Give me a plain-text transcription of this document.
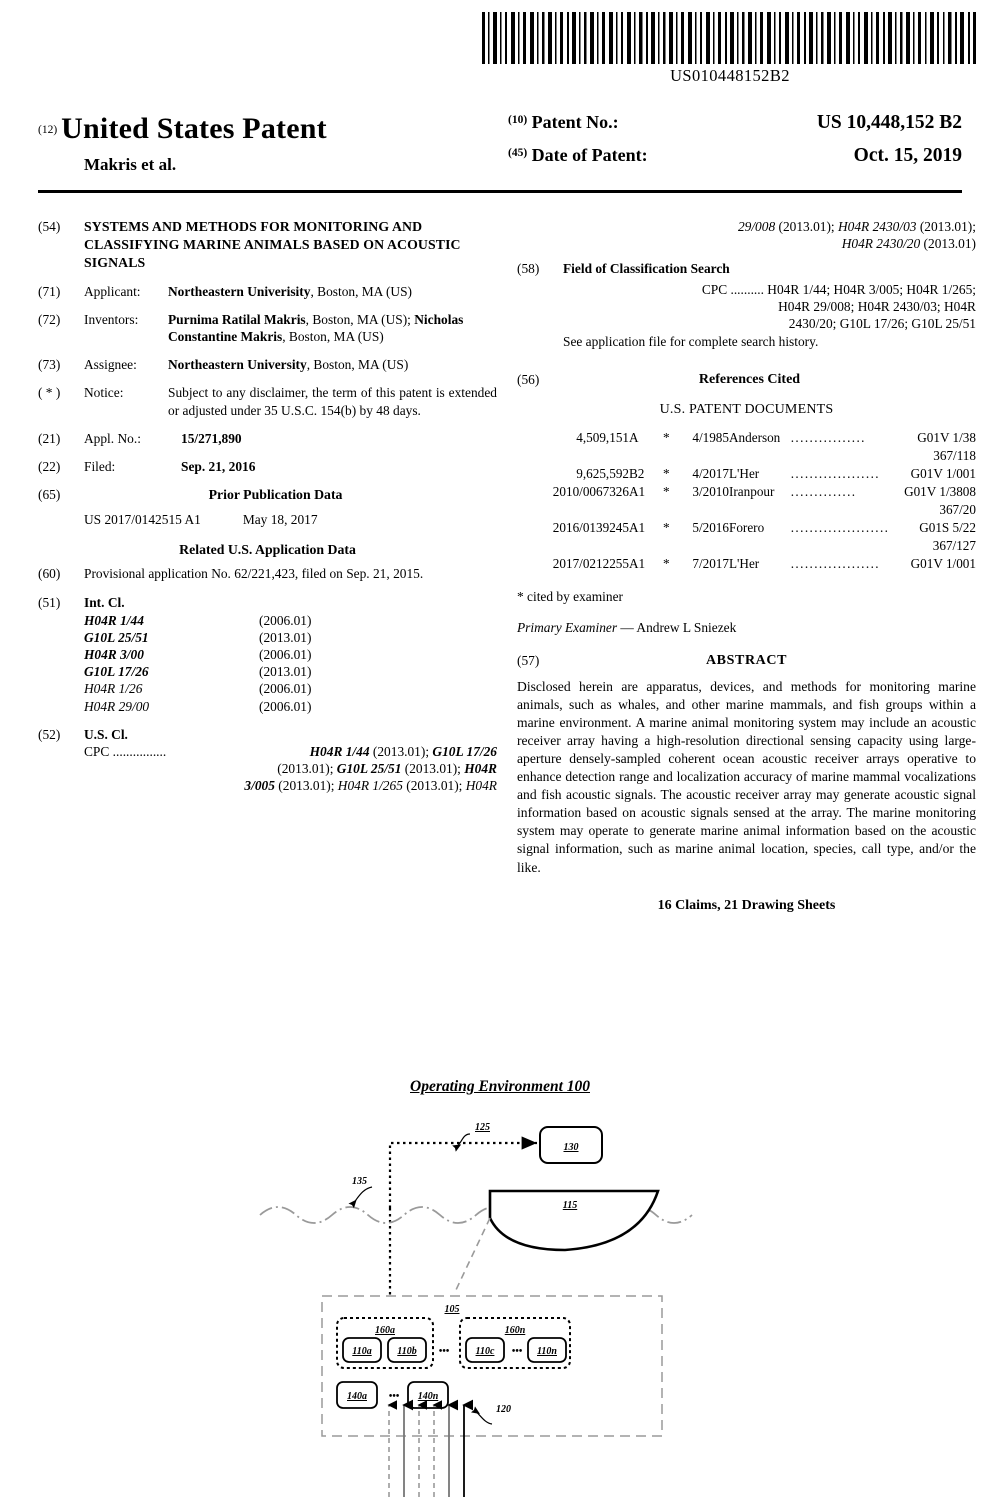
US010448152B2
$^{(12)}$ United States Patent
Makris et al.
$^{(10)}$ Patent No.:	US 10,448,152 B2
$^{(45)}$ Date of Patent:	Oct. 15, 2019
(54)	SYSTEMS AND METHODS FOR MONITORING AND CLASSIFYING MARINE ANIMALS BASED ON ACOUSTIC SIGNALS
(71)	Applicant:	Northeastern Univerisity, Boston, MA (US)
(72)	Inventors:	Purnima Ratilal Makris, Boston, MA (US); Nicholas Constantine Makris, Boston, MA (US)
(73)	Assignee:	Northeastern University, Boston, MA (US)
( * )	Notice:	Subject to any disclaimer, the term of this patent is extended or adjusted under 35 U.S.C. 154(b) by 48 days.
(21)	Appl. No.:	15/271,890
(22)	Filed:	Sep. 21, 2016
(65)	Prior Publication Data
US 2017/0142515 A1	May 18, 2017
Related U.S. Application Data
(60)	Provisional application No. 62/221,423, filed on Sep. 21, 2015.
(51)	Int. Cl.
H04R 1/44	(2006.01)
G10L 25/51	(2013.01)
H04R 3/00	(2006.01)
G10L 17/26	(2013.01)
H04R 1/26	(2006.01)
H04R 29/00	(2006.01)
(52)	U.S. Cl.
CPC ................	H04R 1/44 (2013.01); G10L 17/26
(2013.01); G10L 25/51 (2013.01); H04R
3/005 (2013.01); H04R 1/265 (2013.01); H04R
29/008 (2013.01); H04R 2430/03 (2013.01);
H04R 2430/20 (2013.01)
(58)	Field of Classification Search
CPC .......... H04R 1/44; H04R 3/005; H04R 1/265;
H04R 29/008; H04R 2430/03; H04R
2430/20; G10L 17/26; G10L 25/51
See application file for complete search history.
(56)	References Cited
U.S. PATENT DOCUMENTS
4,509,151	A	*	4/1985	Anderson	................	G01V 1/38
367/118						
9,625,592	B2	*	4/2017	L'Her	...................	G01V 1/001
2010/0067326	A1	*	3/2010	Iranpour	..............	G01V 1/3808
367/20						
2016/0139245	A1	*	5/2016	Forero	.....................	G01S 5/22
367/127						
2017/0212255	A1	*	7/2017	L'Her	...................	G01V 1/001
* cited by examiner
Primary Examiner — Andrew L Sniezek
(57)	ABSTRACT
Disclosed herein are apparatus, devices, and methods for monitoring marine animals, such as whales, and other marine mammals, and fish groups within a marine environment. A marine animal monitoring system may include an acoustic receiver array having a high-resolution directional sensing capacity using large-aperture densely-sampled coherent ocean acoustic receiver arrays operative to enhance detection range and localization accuracy of marine mammal vocalizations and fish acoustic signals. The acoustic receiver array may generate acoustic signal information based on acoustic signals sensed at the array. The marine monitoring system may operate to generate marine animal information based on the acoustic signal information, such as marine animal location, species, call type, and/or the like.
16 Claims, 21 Drawing Sheets
Operating Environment 100
125
130
135
115
105
160a
110a	110b •••
160n
110c ••• 110n
140a ••• 140n
120
